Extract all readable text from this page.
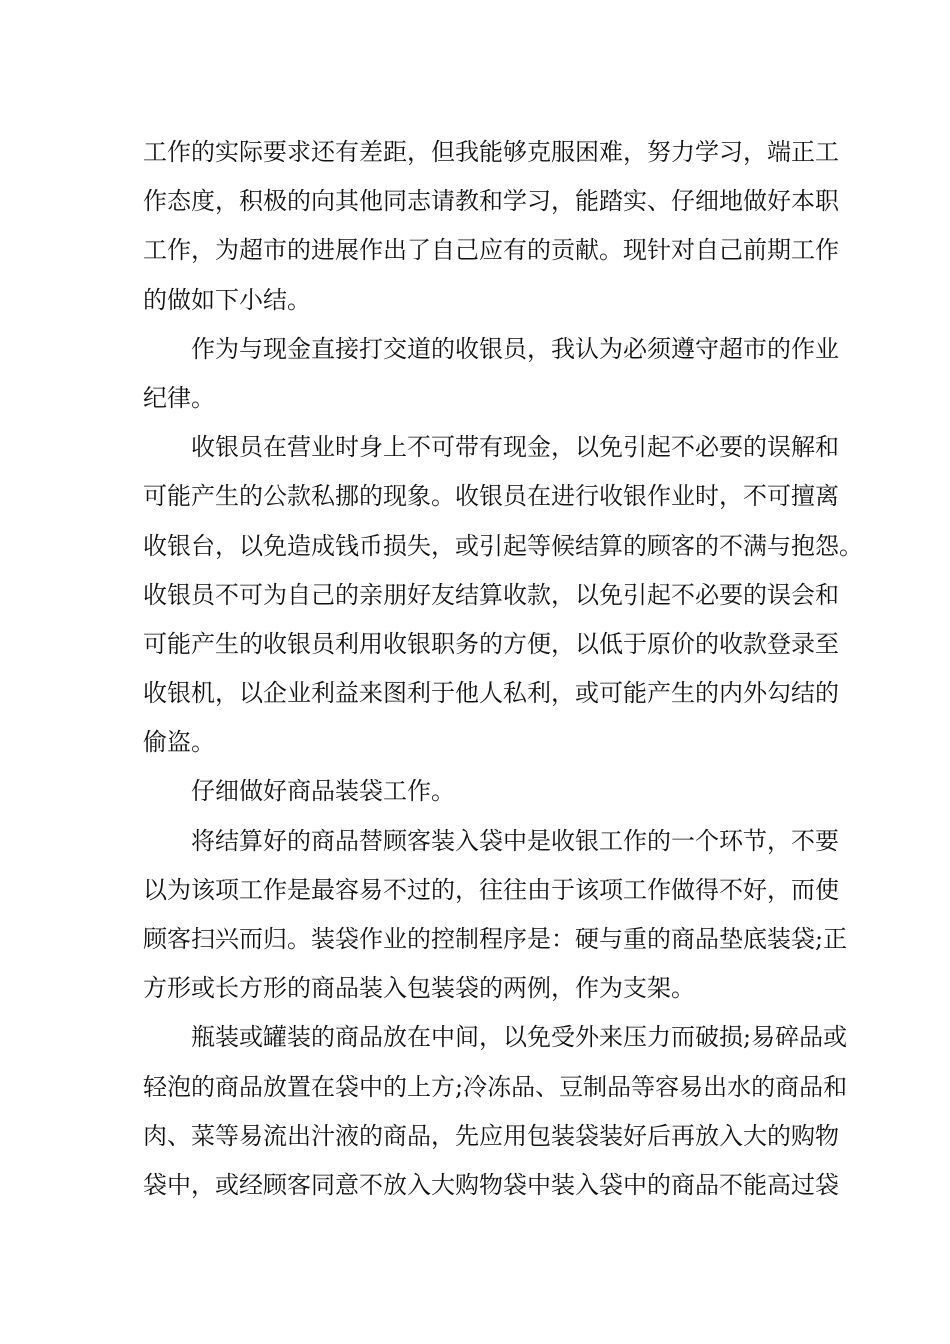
工作的实际要求还有差距，但我能够克服困难，努力学习，端正工
作态度，积极的向其他同志请教和学习，能踏实、仔细地做好本职
工作，为超市的进展作出了自己应有的贡献。现针对自己前期工作
的做如下小结。
作为与现金直接打交道的收银员，我认为必须遵守超市的作业
纪律。
收银员在营业时身上不可带有现金，以免引起不必要的误解和
可能产生的公款私挪的现象。收银员在进行收银作业时，不可擅离
收银台，以免造成钱币损失，或引起等候结算的顾客的不满与抱怨。
收银员不可为自己的亲朋好友结算收款，以免引起不必要的误会和
可能产生的收银员利用收银职务的方便，以低于原价的收款登录至
收银机，以企业利益来图利于他人私利，或可能产生的内外勾结的
偷盗。
仔细做好商品装袋工作。
将结算好的商品替顾客装入袋中是收银工作的一个环节，不要
以为该项工作是最容易不过的，往往由于该项工作做得不好，而使
顾客扫兴而归。装袋作业的控制程序是：硬与重的商品垫底装袋;正
方形或长方形的商品装入包装袋的两例，作为支架。
瓶装或罐装的商品放在中间，以免受外来压力而破损;易碎品或
轻泡的商品放置在袋中的上方;冷冻品、豆制品等容易出水的商品和
肉、菜等易流出汁液的商品，先应用包装袋装好后再放入大的购物
袋中，或经顾客同意不放入大购物袋中装入袋中的商品不能高过袋
